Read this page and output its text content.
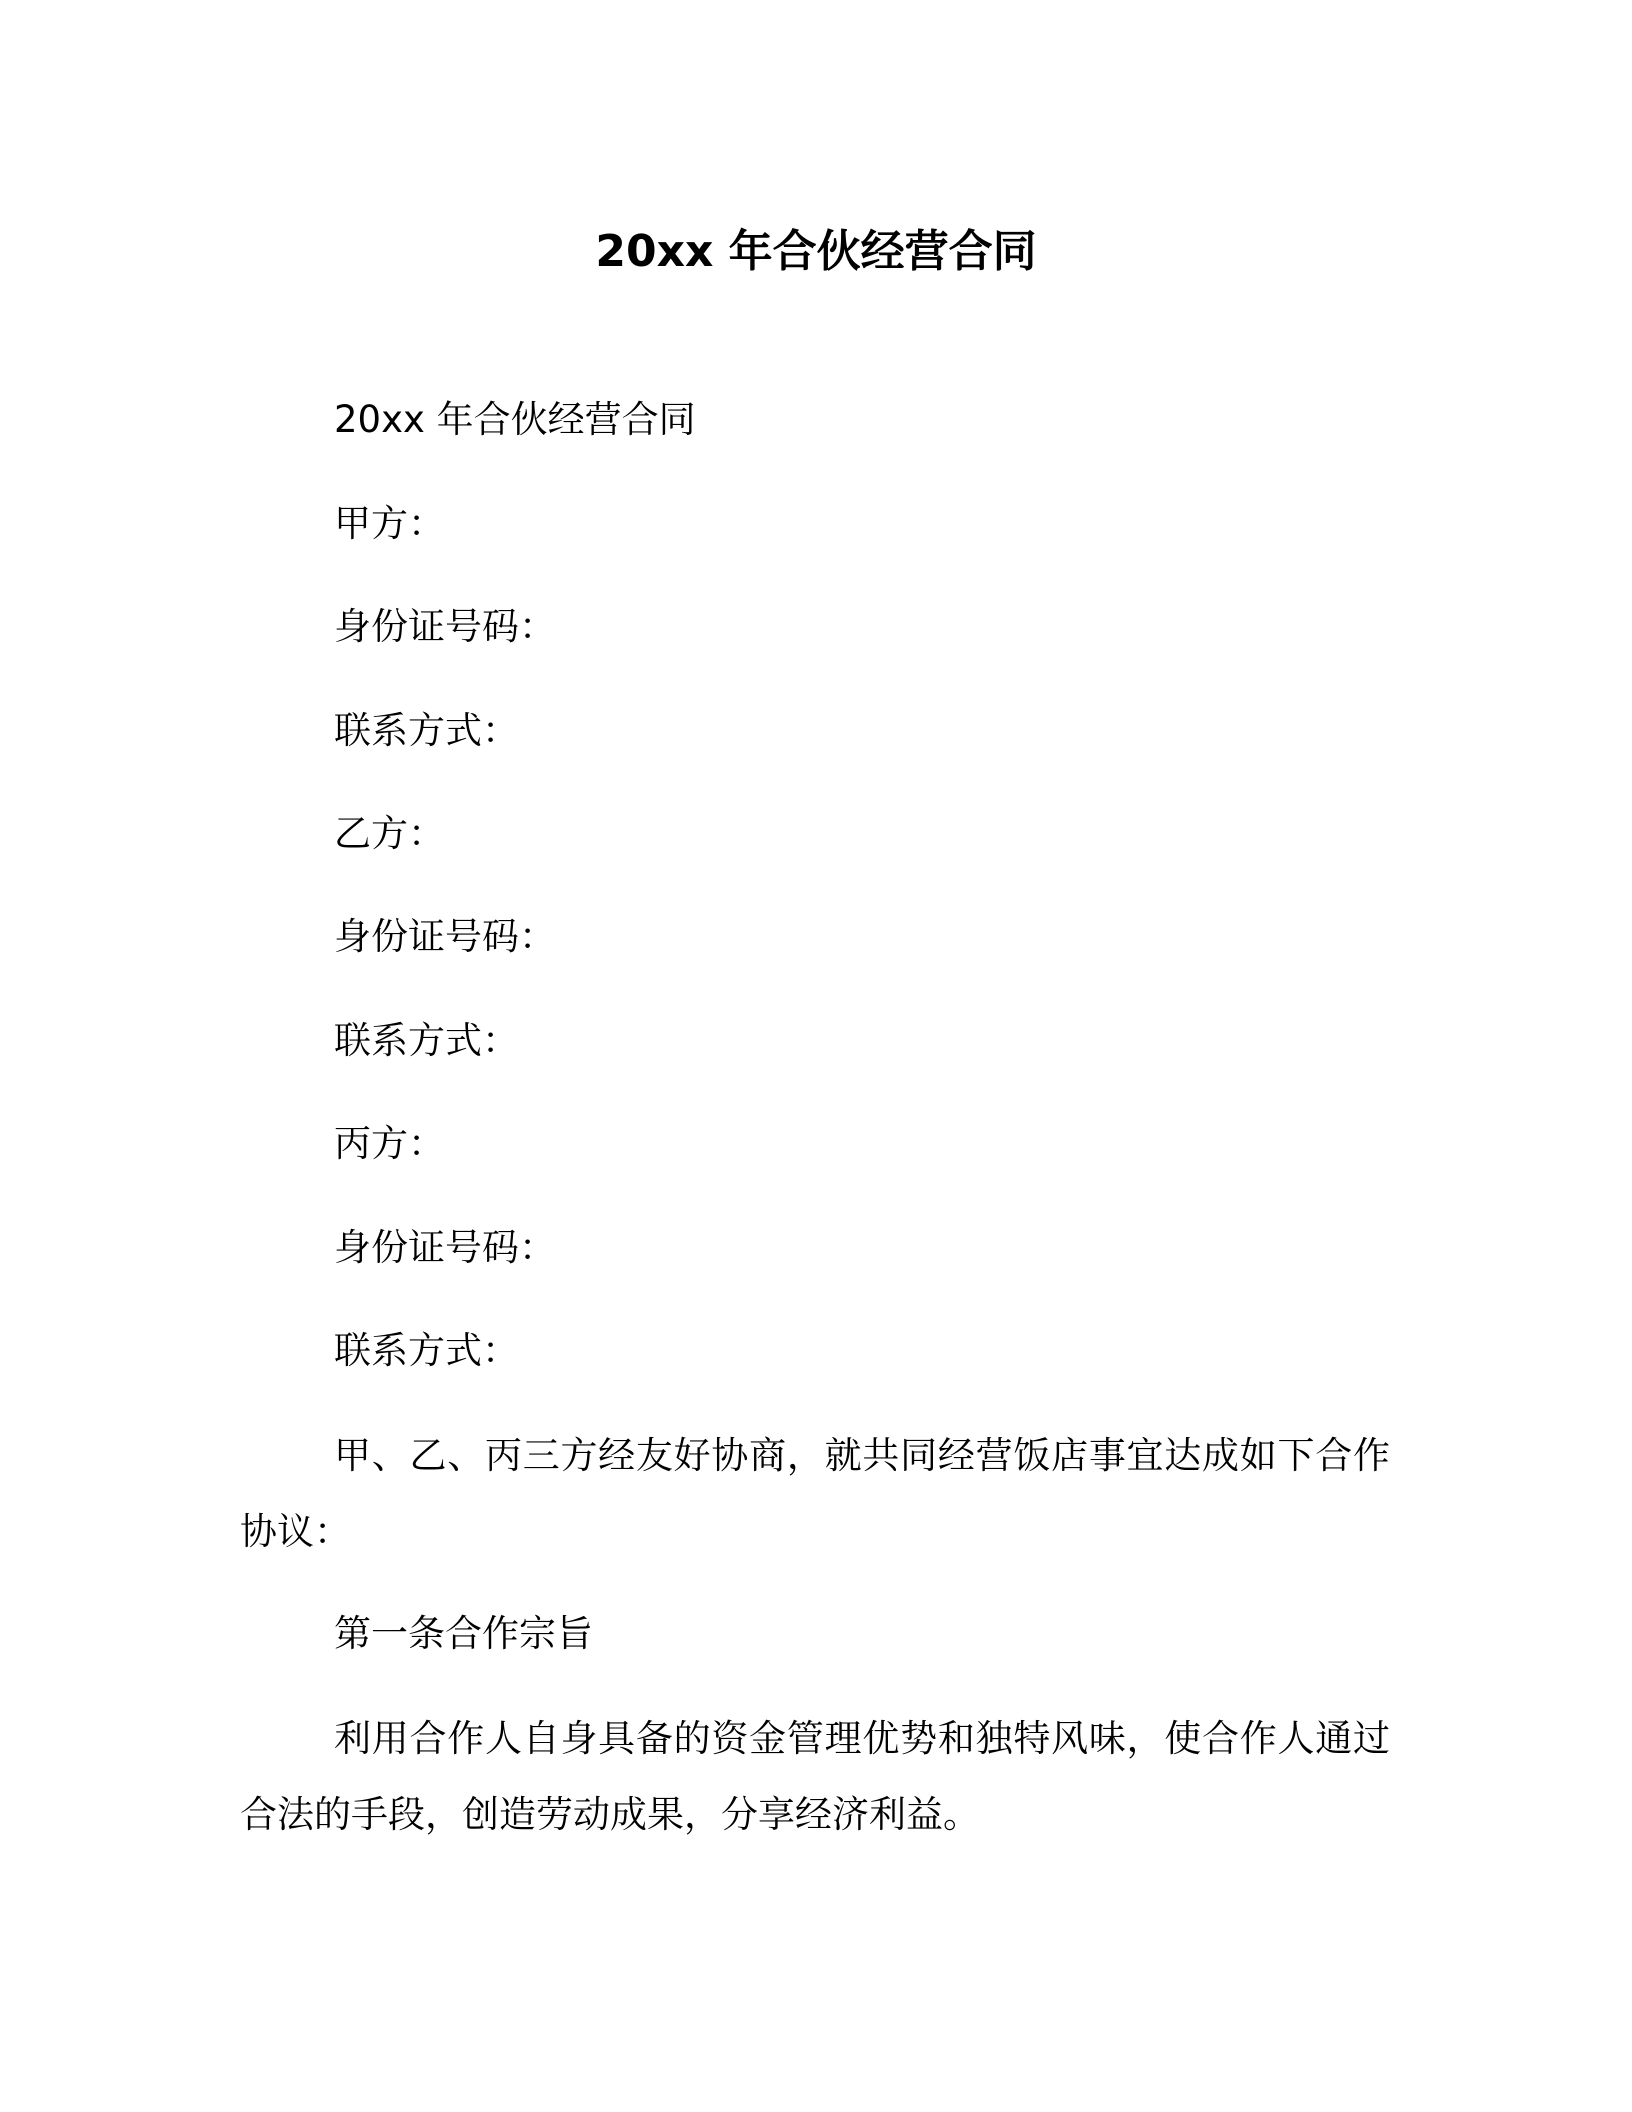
20xx 年合伙经营合同

20xx 年合伙经营合同

甲方：

身份证号码：

联系方式：

乙方：

身份证号码：

联系方式：

丙方：

身份证号码：

联系方式：

甲、乙、丙三方经友好协商，就共同经营饭店事宜达成如下合作协议：

第一条合作宗旨

利用合作人自身具备的资金管理优势和独特风味，使合作人通过合法的手段，创造劳动成果，分享经济利益。
